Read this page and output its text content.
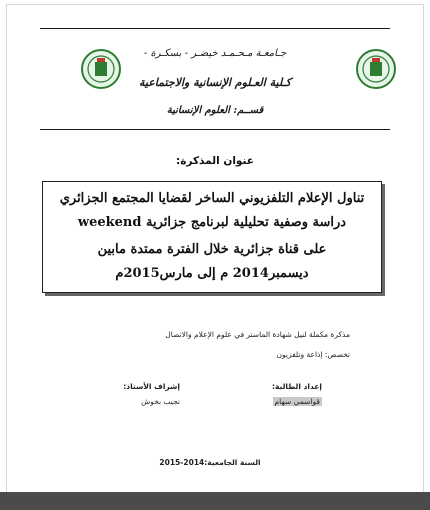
جـامعـة مـحـمـد خيضـر - بسكـرة -
كـلية العـلوم الإنسانية والاجتماعية
قســم: العلوم الإنسانية
عنوان المذكرة:
تناول الإعلام التلفزيوني الساخر لقضايا المجتمع الجزائري
دراسة وصفية تحليلية لبرنامج جزائرية weekend
على قناة جزائرية خلال الفترة ممتدة مابين
ديسمبر2014 م إلى مارس2015م
مذكرة مكملة لنيل شهادة الماستر في علوم الإعلام والاتصال
تخصص: إذاعة وتلفزيون
إعداد الطالبة:
إشراف الأستاذ:
قواسمي سهام
نجيب بخوش
السنة الجامعية:2014-2015
